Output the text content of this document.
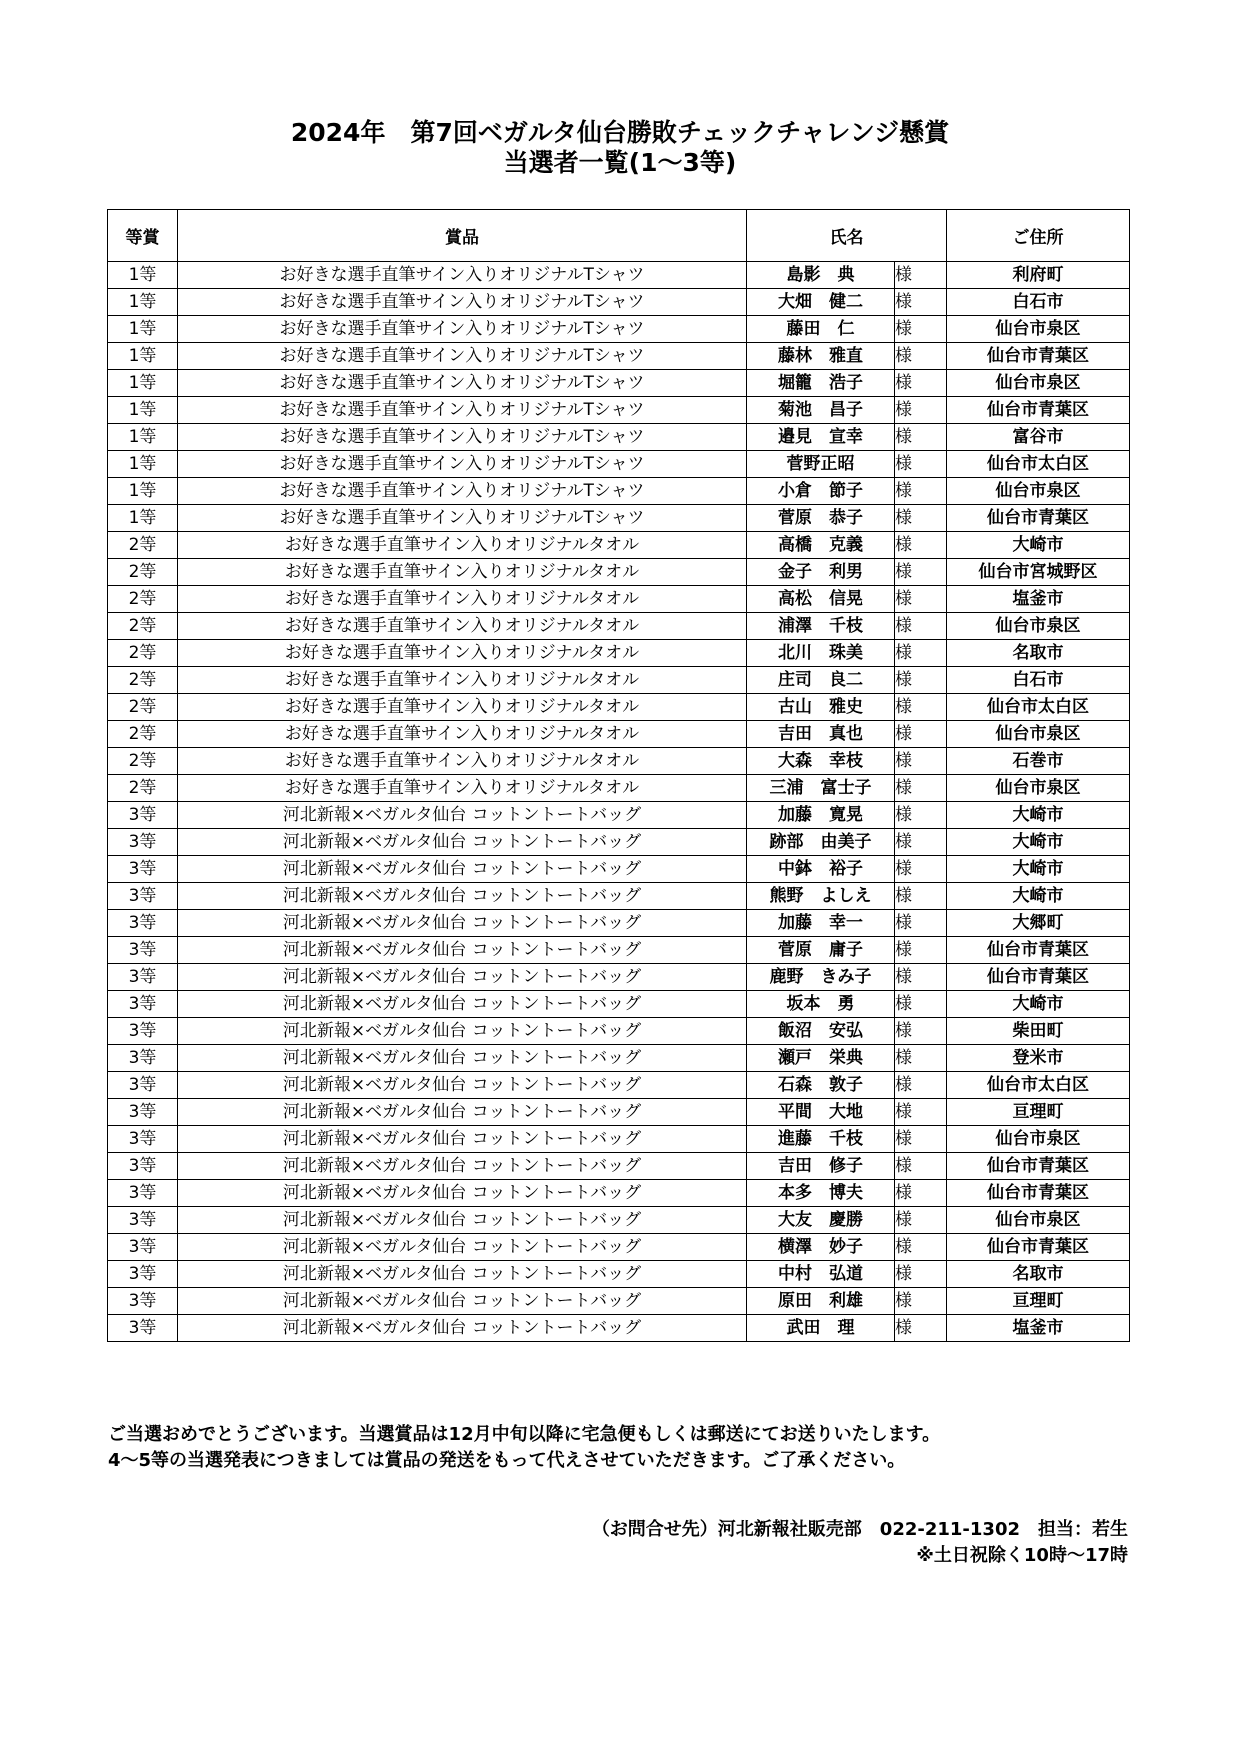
2024年　第7回ベガルタ仙台勝敗チェックチャレンジ懸賞
当選者一覧(1～3等)
等賞	賞品	氏名		ご住所
1等	お好きな選手直筆サイン入りオリジナルTシャツ	島影　典	様	利府町
1等	お好きな選手直筆サイン入りオリジナルTシャツ	大畑　健二	様	白石市
1等	お好きな選手直筆サイン入りオリジナルTシャツ	藤田　仁	様	仙台市泉区
1等	お好きな選手直筆サイン入りオリジナルTシャツ	藤林　雅直	様	仙台市青葉区
1等	お好きな選手直筆サイン入りオリジナルTシャツ	堀籠　浩子	様	仙台市泉区
1等	お好きな選手直筆サイン入りオリジナルTシャツ	菊池　昌子	様	仙台市青葉区
1等	お好きな選手直筆サイン入りオリジナルTシャツ	邉見　宣幸	様	富谷市
1等	お好きな選手直筆サイン入りオリジナルTシャツ	菅野正昭	様	仙台市太白区
1等	お好きな選手直筆サイン入りオリジナルTシャツ	小倉　節子	様	仙台市泉区
1等	お好きな選手直筆サイン入りオリジナルTシャツ	菅原　恭子	様	仙台市青葉区
2等	お好きな選手直筆サイン入りオリジナルタオル	高橋　克義	様	大崎市
2等	お好きな選手直筆サイン入りオリジナルタオル	金子　利男	様	仙台市宮城野区
2等	お好きな選手直筆サイン入りオリジナルタオル	高松　信晃	様	塩釜市
2等	お好きな選手直筆サイン入りオリジナルタオル	浦澤　千枝	様	仙台市泉区
2等	お好きな選手直筆サイン入りオリジナルタオル	北川　珠美	様	名取市
2等	お好きな選手直筆サイン入りオリジナルタオル	庄司　良二	様	白石市
2等	お好きな選手直筆サイン入りオリジナルタオル	古山　雅史	様	仙台市太白区
2等	お好きな選手直筆サイン入りオリジナルタオル	吉田　真也	様	仙台市泉区
2等	お好きな選手直筆サイン入りオリジナルタオル	大森　幸枝	様	石巻市
2等	お好きな選手直筆サイン入りオリジナルタオル	三浦　富士子	様	仙台市泉区
3等	河北新報×ベガルタ仙台 コットントートバッグ	加藤　寛晃	様	大崎市
3等	河北新報×ベガルタ仙台 コットントートバッグ	跡部　由美子	様	大崎市
3等	河北新報×ベガルタ仙台 コットントートバッグ	中鉢　裕子	様	大崎市
3等	河北新報×ベガルタ仙台 コットントートバッグ	熊野　よしえ	様	大崎市
3等	河北新報×ベガルタ仙台 コットントートバッグ	加藤　幸一	様	大郷町
3等	河北新報×ベガルタ仙台 コットントートバッグ	菅原　庸子	様	仙台市青葉区
3等	河北新報×ベガルタ仙台 コットントートバッグ	鹿野　きみ子	様	仙台市青葉区
3等	河北新報×ベガルタ仙台 コットントートバッグ	坂本　勇	様	大崎市
3等	河北新報×ベガルタ仙台 コットントートバッグ	飯沼　安弘	様	柴田町
3等	河北新報×ベガルタ仙台 コットントートバッグ	瀬戸　栄典	様	登米市
3等	河北新報×ベガルタ仙台 コットントートバッグ	石森　敦子	様	仙台市太白区
3等	河北新報×ベガルタ仙台 コットントートバッグ	平間　大地	様	亘理町
3等	河北新報×ベガルタ仙台 コットントートバッグ	進藤　千枝	様	仙台市泉区
3等	河北新報×ベガルタ仙台 コットントートバッグ	吉田　修子	様	仙台市青葉区
3等	河北新報×ベガルタ仙台 コットントートバッグ	本多　博夫	様	仙台市青葉区
3等	河北新報×ベガルタ仙台 コットントートバッグ	大友　慶勝	様	仙台市泉区
3等	河北新報×ベガルタ仙台 コットントートバッグ	横澤　妙子	様	仙台市青葉区
3等	河北新報×ベガルタ仙台 コットントートバッグ	中村　弘道	様	名取市
3等	河北新報×ベガルタ仙台 コットントートバッグ	原田　利雄	様	亘理町
3等	河北新報×ベガルタ仙台 コットントートバッグ	武田　理	様	塩釜市

ご当選おめでとうございます。当選賞品は12月中旬以降に宅急便もしくは郵送にてお送りいたします。

4～5等の当選発表につきましては賞品の発送をもって代えさせていただきます。ご了承ください。

（お問合せ先）河北新報社販売部　022-211-1302　担当：若生

※土日祝除く10時～17時
